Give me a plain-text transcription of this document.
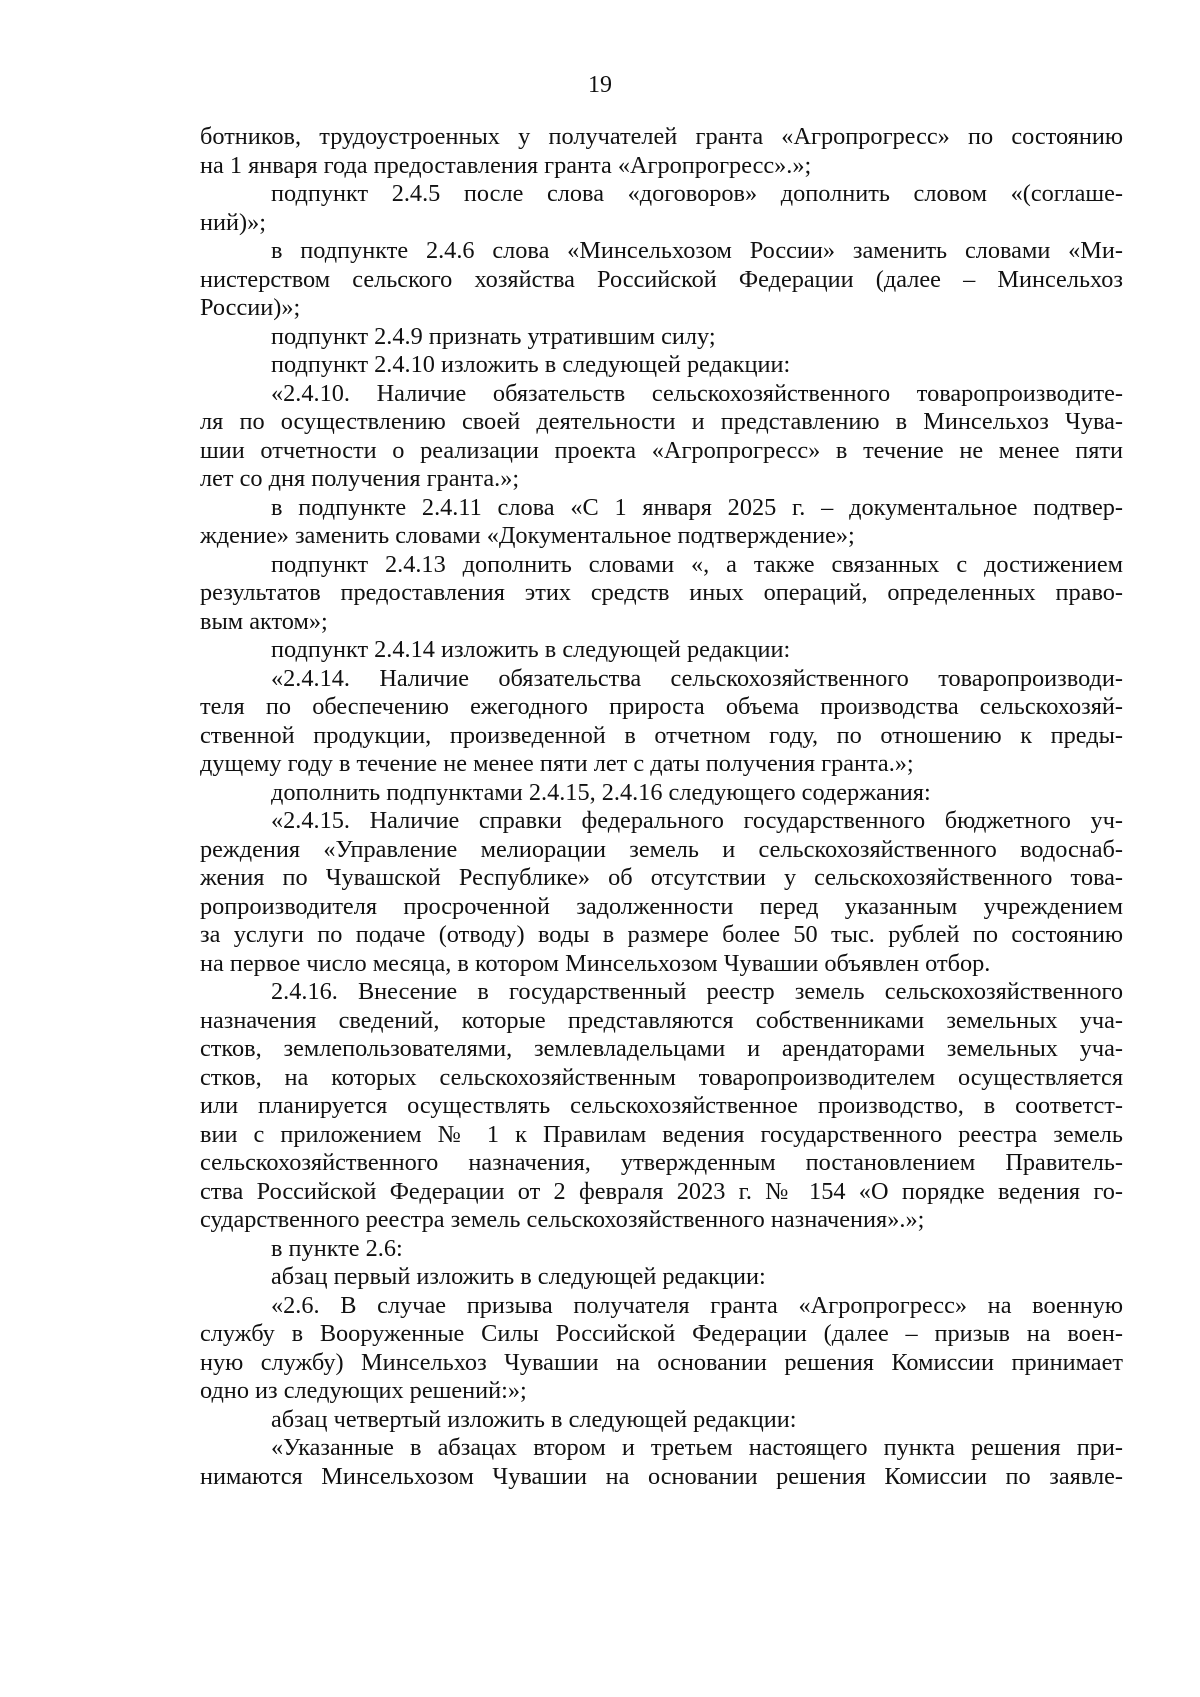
19
ботников, трудоустроенных у получателей гранта «Агропрогресс» по состоянию
на 1 января года предоставления гранта «Агропрогресс».»;
подпункт 2.4.5 после слова «договоров» дополнить словом «(соглаше-
ний)»;
в подпункте 2.4.6 слова «Минсельхозом России» заменить словами «Ми-
нистерством сельского хозяйства Российской Федерации (далее – Минсельхоз
России)»;
подпункт 2.4.9 признать утратившим силу;
подпункт 2.4.10 изложить в следующей редакции:
«2.4.10. Наличие обязательств сельскохозяйственного товаропроизводите-
ля по осуществлению своей деятельности и представлению в Минсельхоз Чува-
шии отчетности о реализации проекта «Агропрогресс» в течение не менее пяти
лет со дня получения гранта.»;
в подпункте 2.4.11 слова «С 1 января 2025 г. – документальное подтвер-
ждение» заменить словами «Документальное подтверждение»;
подпункт 2.4.13 дополнить словами «, а также связанных с достижением
результатов предоставления этих средств иных операций, определенных право-
вым актом»;
подпункт 2.4.14 изложить в следующей редакции:
«2.4.14. Наличие обязательства сельскохозяйственного товаропроизводи-
теля по обеспечению ежегодного прироста объема производства сельскохозяй-
ственной продукции, произведенной в отчетном году, по отношению к преды-
дущему году в течение не менее пяти лет с даты получения гранта.»;
дополнить подпунктами 2.4.15, 2.4.16 следующего содержания:
«2.4.15. Наличие справки федерального государственного бюджетного уч-
реждения «Управление мелиорации земель и сельскохозяйственного водоснаб-
жения по Чувашской Республике» об отсутствии у сельскохозяйственного това-
ропроизводителя просроченной задолженности перед указанным учреждением
за услуги по подаче (отводу) воды в размере более 50 тыс. рублей по состоянию
на первое число месяца, в котором Минсельхозом Чувашии объявлен отбор.
2.4.16. Внесение в государственный реестр земель сельскохозяйственного
назначения сведений, которые представляются собственниками земельных уча-
стков, землепользователями, землевладельцами и арендаторами земельных уча-
стков, на которых сельскохозяйственным товаропроизводителем осуществляется
или планируется осуществлять сельскохозяйственное производство, в соответст-
вии с приложением № 1 к Правилам ведения государственного реестра земель
сельскохозяйственного назначения, утвержденным постановлением Правитель-
ства Российской Федерации от 2 февраля 2023 г. № 154 «О порядке ведения го-
сударственного реестра земель сельскохозяйственного назначения».»;
в пункте 2.6:
абзац первый изложить в следующей редакции:
«2.6. В случае призыва получателя гранта «Агропрогресс» на военную
службу в Вооруженные Силы Российской Федерации (далее – призыв на воен-
ную службу) Минсельхоз Чувашии на основании решения Комиссии принимает
одно из следующих решений:»;
абзац четвертый изложить в следующей редакции:
«Указанные в абзацах втором и третьем настоящего пункта решения при-
нимаются Минсельхозом Чувашии на основании решения Комиссии по заявле-
